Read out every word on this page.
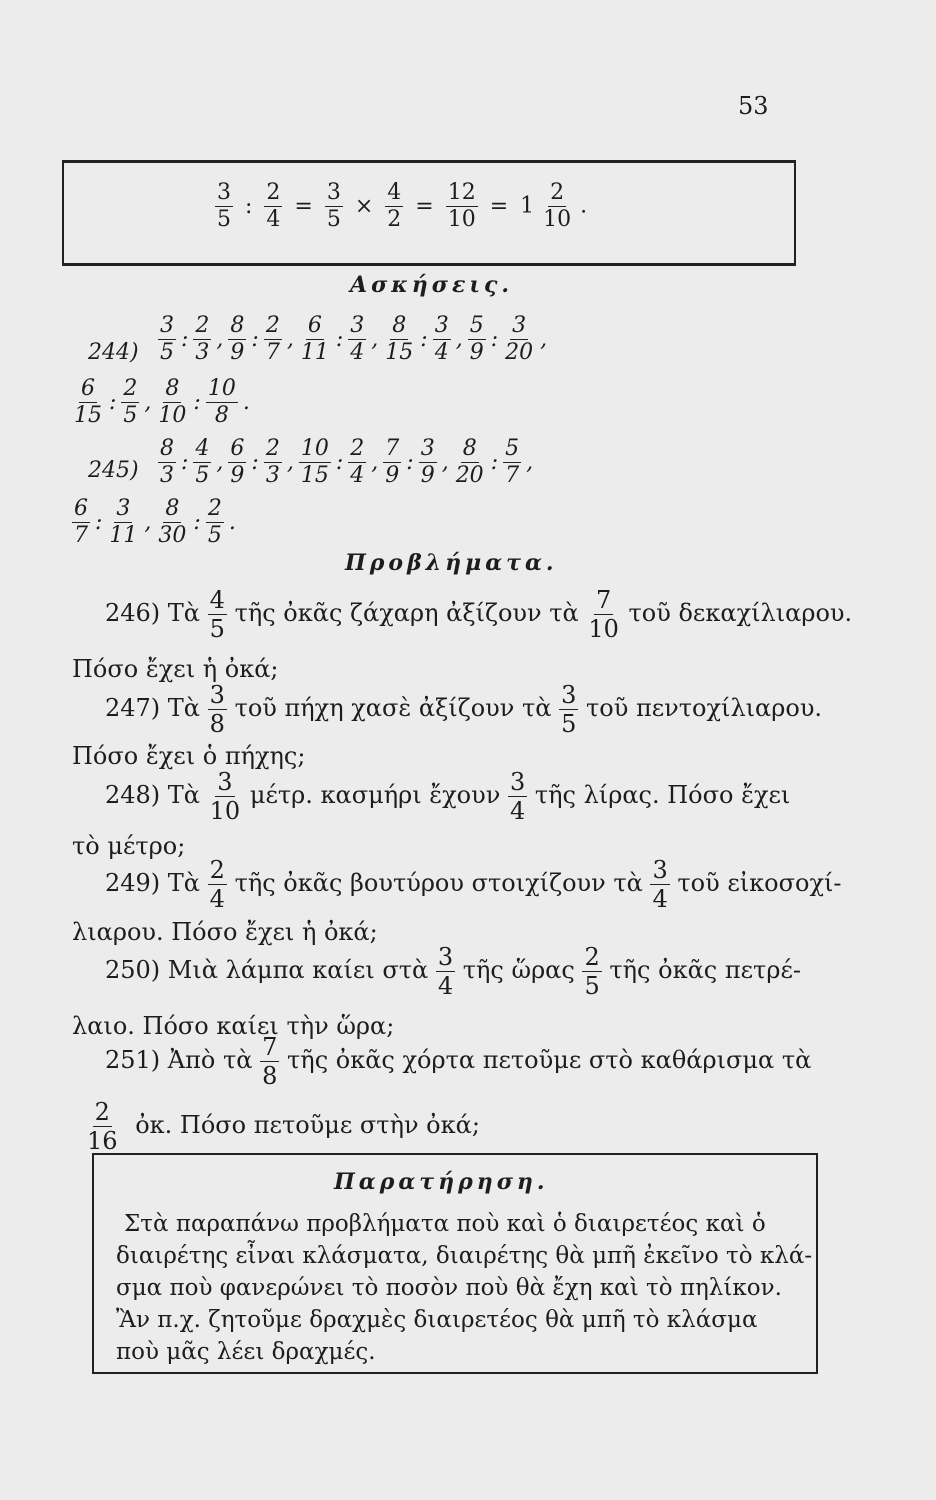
53
$\frac{3}{5}$ : $\frac{2}{4} = \frac{3}{5} \times \frac{4}{2} = \frac{12}{10} = 1 \frac{2}{10}$ .
Ασκήσεις.
$244) \frac{3}{5}$ : $\frac{2}{3}$ , $\frac{8}{9}$ : $\frac{2}{7}$ , $\frac{6}{11}$ : $\frac{3}{4}$ , $\frac{8}{15}$ : $\frac{3}{4}$ , $\frac{5}{9}$ : $\frac{3}{20}$ ,
$\frac{6}{15}$ : $\frac{2}{5}$ , $\frac{8}{10}$ : $\frac{10}{8}$ .
$245) \frac{8}{3}$ : $\frac{4}{5}$ , $\frac{6}{9}$ : $\frac{2}{3}$ , $\frac{10}{15}$ : $\frac{2}{4}$ , $\frac{7}{9}$ : $\frac{3}{9}$ , $\frac{8}{20}$ : $\frac{5}{7}$ ,
$\frac{6}{7}$ : $\frac{3}{11}$ , $\frac{8}{30}$ : $\frac{2}{5}$ .
Προβλήματα.
246) Τὰ $\frac{4}{5}$ τῆς ὀκᾶς ζάχαρη ἀξίζουν τὰ $\frac{7}{10}$ τοῦ δεκαχίλιαρου.
Πόσο ἔχει ἡ ὀκά;
247) Τὰ $\frac{3}{8}$ τοῦ πήχη χασὲ ἀξίζουν τὰ $\frac{3}{5}$ τοῦ πεντοχίλιαρου.
Πόσο ἔχει ὁ πήχης;
248) Τὰ $\frac{3}{10} \mu έ\tau\rho$. κασμήρι ἔχουν $\frac{3}{4}$ τῆς λίρας. Πόσο ἔχει
τὸ μέτρο;
249) Τὰ $\frac{2}{4}$ τῆς ὀκᾶς βουτύρου στοιχίζουν τὰ $\frac{3}{4}$ τοῦ εἰκοσοχί-
λιαρου. Πόσο ἔχει ἡ ὀκά;
250) Μιὰ λάμπα καίει στὰ $\frac{3}{4}$ τῆς ὥρας $\frac{2}{5}$ τῆς ὀκᾶς πετρέ-
λαιο. Πόσο καίει τὴν ὥρα;
251) Ἀπὸ τὰ $\frac{7}{8}$ τῆς ὀκᾶς χόρτα πετοῦμε στὸ καθάρισμα τὰ
$\frac{2}{16}$ ὀκ. Πόσο πετοῦμε στὴν ὀκά;
Παρατήρηση.
Στὰ παραπάνω προβλήματα ποὺ καὶ ὁ διαιρετέος καὶ ὁ
διαιρέτης εἶναι κλάσματα, διαιρέτης θὰ μπῆ ἐκεῖνο τὸ κλά-
σμα ποὺ φανερώνει τὸ ποσὸν ποὺ θὰ ἔχη καὶ τὸ πηλίκον.
Ἂν π.χ. ζητοῦμε δραχμὲς διαιρετέος θὰ μπῆ τὸ κλάσμα
ποὺ μᾶς λέει δραχμές.
